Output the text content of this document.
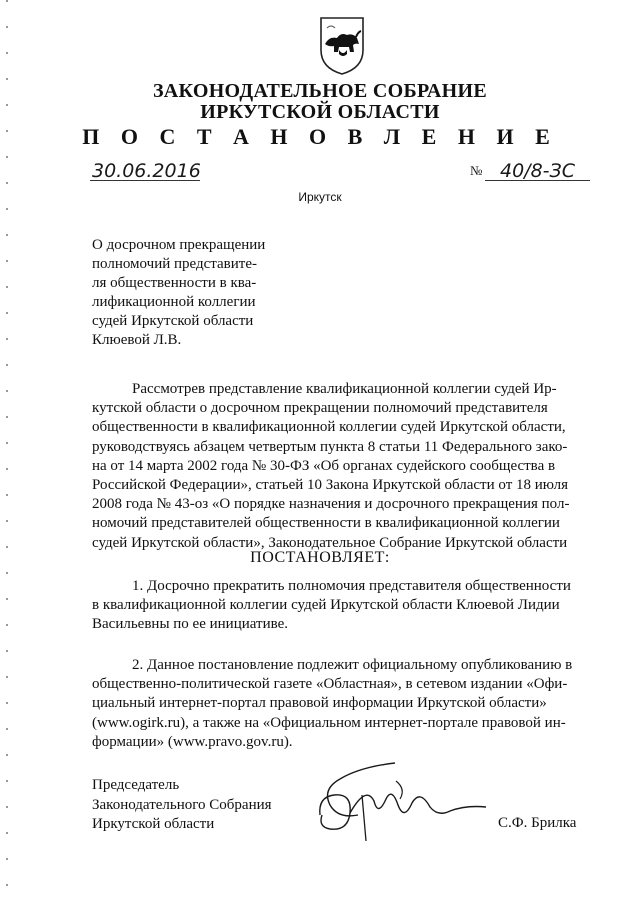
ЗАКОНОДАТЕЛЬНОЕ СОБРАНИЕ
ИРКУТСКОЙ ОБЛАСТИ
П О С Т А Н О В Л Е Н И Е
30.06.2016	№ 40/8-ЗС
Иркутск
О досрочном прекращении
полномочий представите-
ля общественности в ква-
лификационной коллегии
судей Иркутской области
Клюевой Л.В.
Рассмотрев представление квалификационной коллегии судей Ир-
кутской области о досрочном прекращении полномочий представителя
общественности в квалификационной коллегии судей Иркутской области,
руководствуясь абзацем четвертым пункта 8 статьи 11 Федерального зако-
на от 14 марта 2002 года № 30-ФЗ «Об органах судейского сообщества в
Российской Федерации», статьей 10 Закона Иркутской области от 18 июля
2008 года № 43-оз «О порядке назначения и досрочного прекращения пол-
номочий представителей общественности в квалификационной коллегии
судей Иркутской области», Законодательное Собрание Иркутской области
ПОСТАНОВЛЯЕТ:
1. Досрочно прекратить полномочия представителя общественности
в квалификационной коллегии судей Иркутской области Клюевой Лидии
Васильевны по ее инициативе.
2. Данное постановление подлежит официальному опубликованию в
общественно-политической газете «Областная», в сетевом издании «Офи-
циальный интернет-портал правовой информации Иркутской области»
(www.ogirk.ru), а также на «Официальном интернет-портале правовой ин-
формации» (www.pravo.gov.ru).
Председатель
Законодательного Собрания
Иркутской области	С.Ф. Брилка
